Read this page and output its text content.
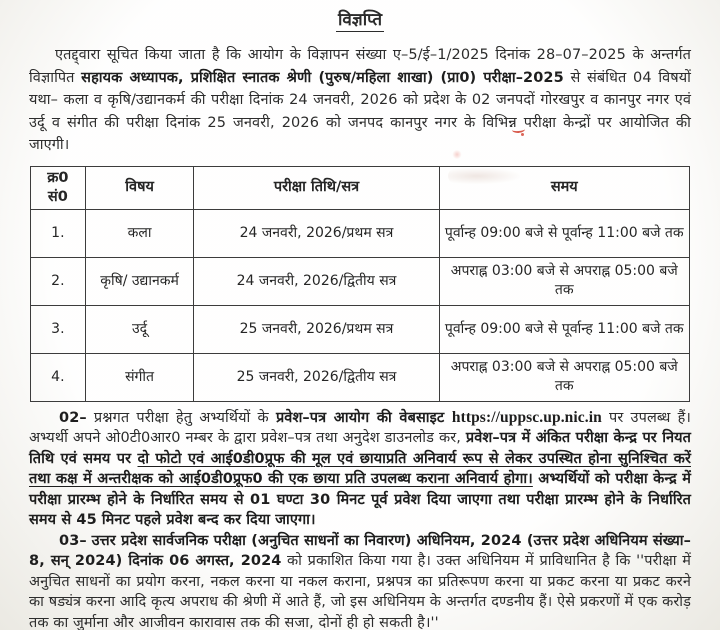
विज्ञप्ति
एतद्द्वारा सूचित किया जाता है कि आयोग के विज्ञापन संख्या ए–5/ई–1/2025 दिनांक 28–07–2025 के अन्तर्गत विज्ञापित सहायक अध्यापक, प्रशिक्षित स्नातक श्रेणी (पुरुष/महिला शाखा) (प्रा0) परीक्षा–2025 से संबंधित 04 विषयों यथा– कला व कृषि/उद्यानकर्म की परीक्षा दिनांक 24 जनवरी, 2026 को प्रदेश के 02 जनपदों गोरखपुर व कानपुर नगर एवं उर्दू व संगीत की परीक्षा दिनांक 25 जनवरी, 2026 को जनपद कानपुर नगर के विभिन्न परीक्षा केन्द्रों पर आयोजित की जाएगी।
क्र0 सं0	विषय	परीक्षा तिथि/सत्र	समय
1.	कला	24 जनवरी, 2026/प्रथम सत्र	पूर्वान्ह 09:00 बजे से पूर्वान्ह 11:00 बजे तक
2.	कृषि/ उद्यानकर्म	24 जनवरी, 2026/द्वितीय सत्र	अपराह्न 03:00 बजे से अपराह्न 05:00 बजे तक
3.	उर्दू	25 जनवरी, 2026/प्रथम सत्र	पूर्वान्ह 09:00 बजे से पूर्वान्ह 11:00 बजे तक
4.	संगीत	25 जनवरी, 2026/द्वितीय सत्र	अपराह्न 03:00 बजे से अपराह्न 05:00 बजे तक
02– प्रश्नगत परीक्षा हेतु अभ्यर्थियों के प्रवेश–पत्र आयोग की वेबसाइट https://uppsc.up.nic.in पर उपलब्ध हैं। अभ्यर्थी अपने ओ0टी0आर0 नम्बर के द्वारा प्रवेश–पत्र तथा अनुदेश डाउनलोड कर, प्रवेश–पत्र में अंकित परीक्षा केन्द्र पर नियत तिथि एवं समय पर दो फोटो एवं आई0डी0प्रूफ की मूल एवं छायाप्रति अनिवार्य रूप से लेकर उपस्थित होना सुनिश्चित करें तथा कक्ष में अन्तरीक्षक को आई0डी0प्रूफ0 की एक छाया प्रति उपलब्ध कराना अनिवार्य होगा। अभ्यर्थियों को परीक्षा केन्द्र में परीक्षा प्रारम्भ होने के निर्धारित समय से 01 घण्टा 30 मिनट पूर्व प्रवेश दिया जाएगा तथा परीक्षा प्रारम्भ होने के निर्धारित समय से 45 मिनट पहले प्रवेश बन्द कर दिया जाएगा।
03– उत्तर प्रदेश सार्वजनिक परीक्षा (अनुचित साधनों का निवारण) अधिनियम, 2024 (उत्तर प्रदेश अधिनियम संख्या–8, सन् 2024) दिनांक 06 अगस्त, 2024 को प्रकाशित किया गया है। उक्त अधिनियम में प्राविधानित है कि ''परीक्षा में अनुचित साधनों का प्रयोग करना, नकल करना या नकल कराना, प्रश्नपत्र का प्रतिरूपण करना या प्रकट करना या प्रकट करने का षड्यंत्र करना आदि कृत्य अपराध की श्रेणी में आते हैं, जो इस अधिनियम के अन्तर्गत दण्डनीय हैं। ऐसे प्रकरणों में एक करोड़ तक का जुर्माना और आजीवन कारावास तक की सजा, दोनों ही हो सकती है।''
